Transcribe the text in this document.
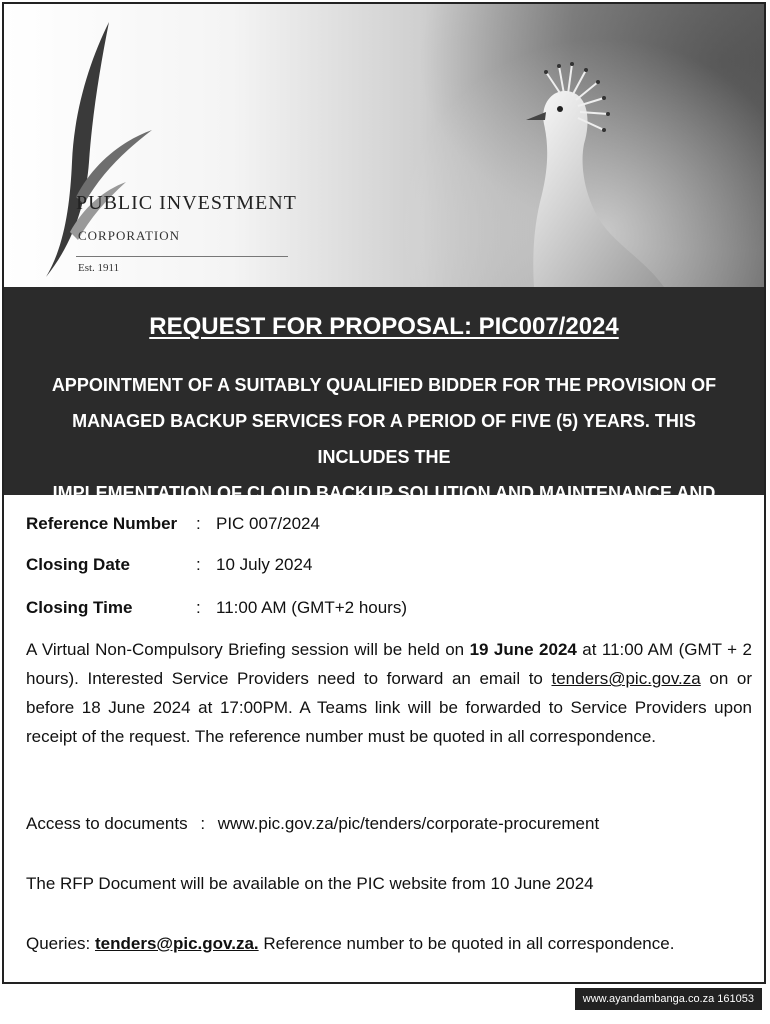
PUBLIC INVESTMENT
CORPORATION
Est. 1911
REQUEST FOR PROPOSAL: PIC007/2024
APPOINTMENT OF A SUITABLY QUALIFIED BIDDER FOR THE PROVISION OF
MANAGED BACKUP SERVICES FOR A PERIOD OF FIVE (5) YEARS. THIS INCLUDES THE
IMPLEMENTATION OF CLOUD BACKUP SOLUTION AND MAINTENANCE AND SUPPORT.
Reference Number	: PIC 007/2024
Closing Date	: 10 July 2024
Closing Time	: 11:00 AM (GMT+2 hours)
A Virtual Non-Compulsory Briefing session will be held on 19 June 2024 at 11:00 AM (GMT + 2 hours). Interested Service Providers need to forward an email to tenders@pic.gov.za on or before 18 June 2024 at 17:00PM. A Teams link will be forwarded to Service Providers upon receipt of the request. The reference number must be quoted in all correspondence.
Access to documents : www.pic.gov.za/pic/tenders/corporate-procurement
The RFP Document will be available on the PIC website from 10 June 2024
Queries: tenders@pic.gov.za. Reference number to be quoted in all correspondence.
www.ayandambanga.co.za 161053
